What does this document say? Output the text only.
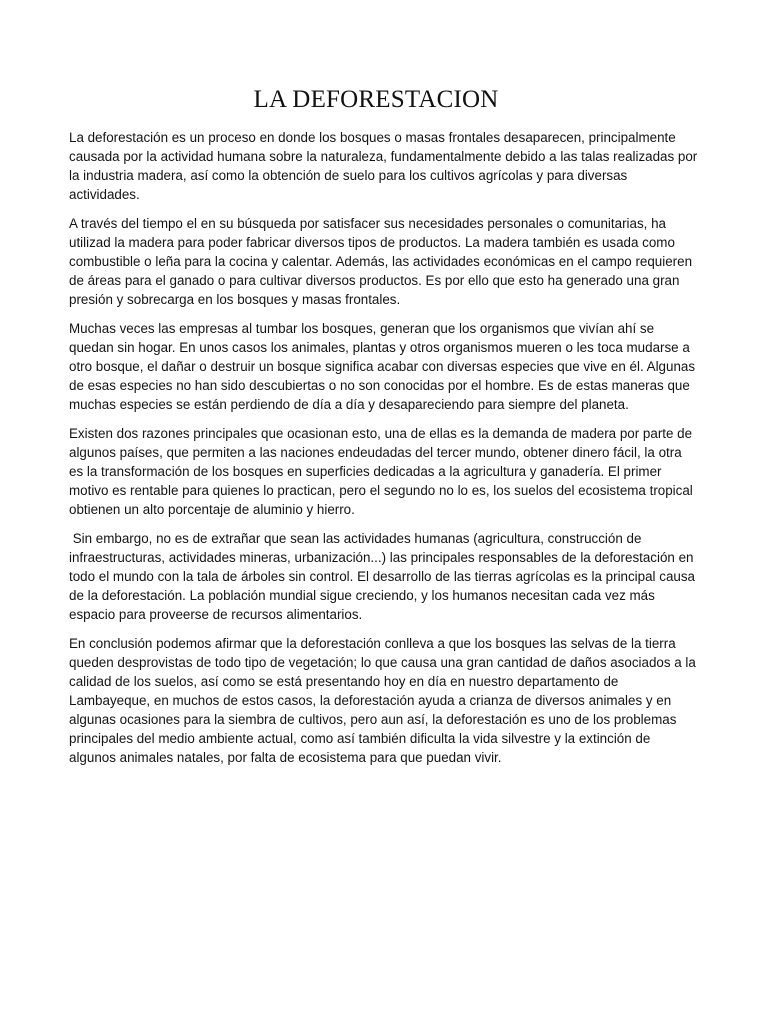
LA DEFORESTACION

La deforestación es un proceso en donde los bosques o masas frontales desaparecen, principalmente causada por la actividad humana sobre la naturaleza, fundamentalmente debido a las talas realizadas por la industria madera, así como la obtención de suelo para los cultivos agrícolas y para diversas actividades.

A través del tiempo el en su búsqueda por satisfacer sus necesidades personales o comunitarias, ha utilizad la madera para poder fabricar diversos tipos de productos. La madera también es usada como combustible o leña para la cocina y calentar. Además, las actividades económicas en el campo requieren de áreas para el ganado o para cultivar diversos productos. Es por ello que esto ha generado una gran presión y sobrecarga en los bosques y masas frontales.

Muchas veces las empresas al tumbar los bosques, generan que los organismos que vivían ahí se quedan sin hogar. En unos casos los animales, plantas y otros organismos mueren o les toca mudarse a otro bosque, el dañar o destruir un bosque significa acabar con diversas especies que vive en él. Algunas de esas especies no han sido descubiertas o no son conocidas por el hombre. Es de estas maneras que muchas especies se están perdiendo de día a día y desapareciendo para siempre del planeta.

Existen dos razones principales que ocasionan esto, una de ellas es la demanda de madera por parte de algunos países, que permiten a las naciones endeudadas del tercer mundo, obtener dinero fácil, la otra es la transformación de los bosques en superficies dedicadas a la agricultura y ganadería. El primer motivo es rentable para quienes lo practican, pero el segundo no lo es, los suelos del ecosistema tropical obtienen un alto porcentaje de aluminio y hierro.

Sin embargo, no es de extrañar que sean las actividades humanas (agricultura, construcción de infraestructuras, actividades mineras, urbanización...) las principales responsables de la deforestación en todo el mundo con la tala de árboles sin control. El desarrollo de las tierras agrícolas es la principal causa de la deforestación. La población mundial sigue creciendo, y los humanos necesitan cada vez más espacio para proveerse de recursos alimentarios.

En conclusión podemos afirmar que la deforestación conlleva a que los bosques las selvas de la tierra queden desprovistas de todo tipo de vegetación; lo que causa una gran cantidad de daños asociados a la calidad de los suelos, así como se está presentando hoy en día en nuestro departamento de Lambayeque, en muchos de estos casos, la deforestación ayuda a crianza de diversos animales y en algunas ocasiones para la siembra de cultivos, pero aun así, la deforestación es uno de los problemas principales del medio ambiente actual, como así también dificulta la vida silvestre y la extinción de algunos animales natales, por falta de ecosistema para que puedan vivir.
